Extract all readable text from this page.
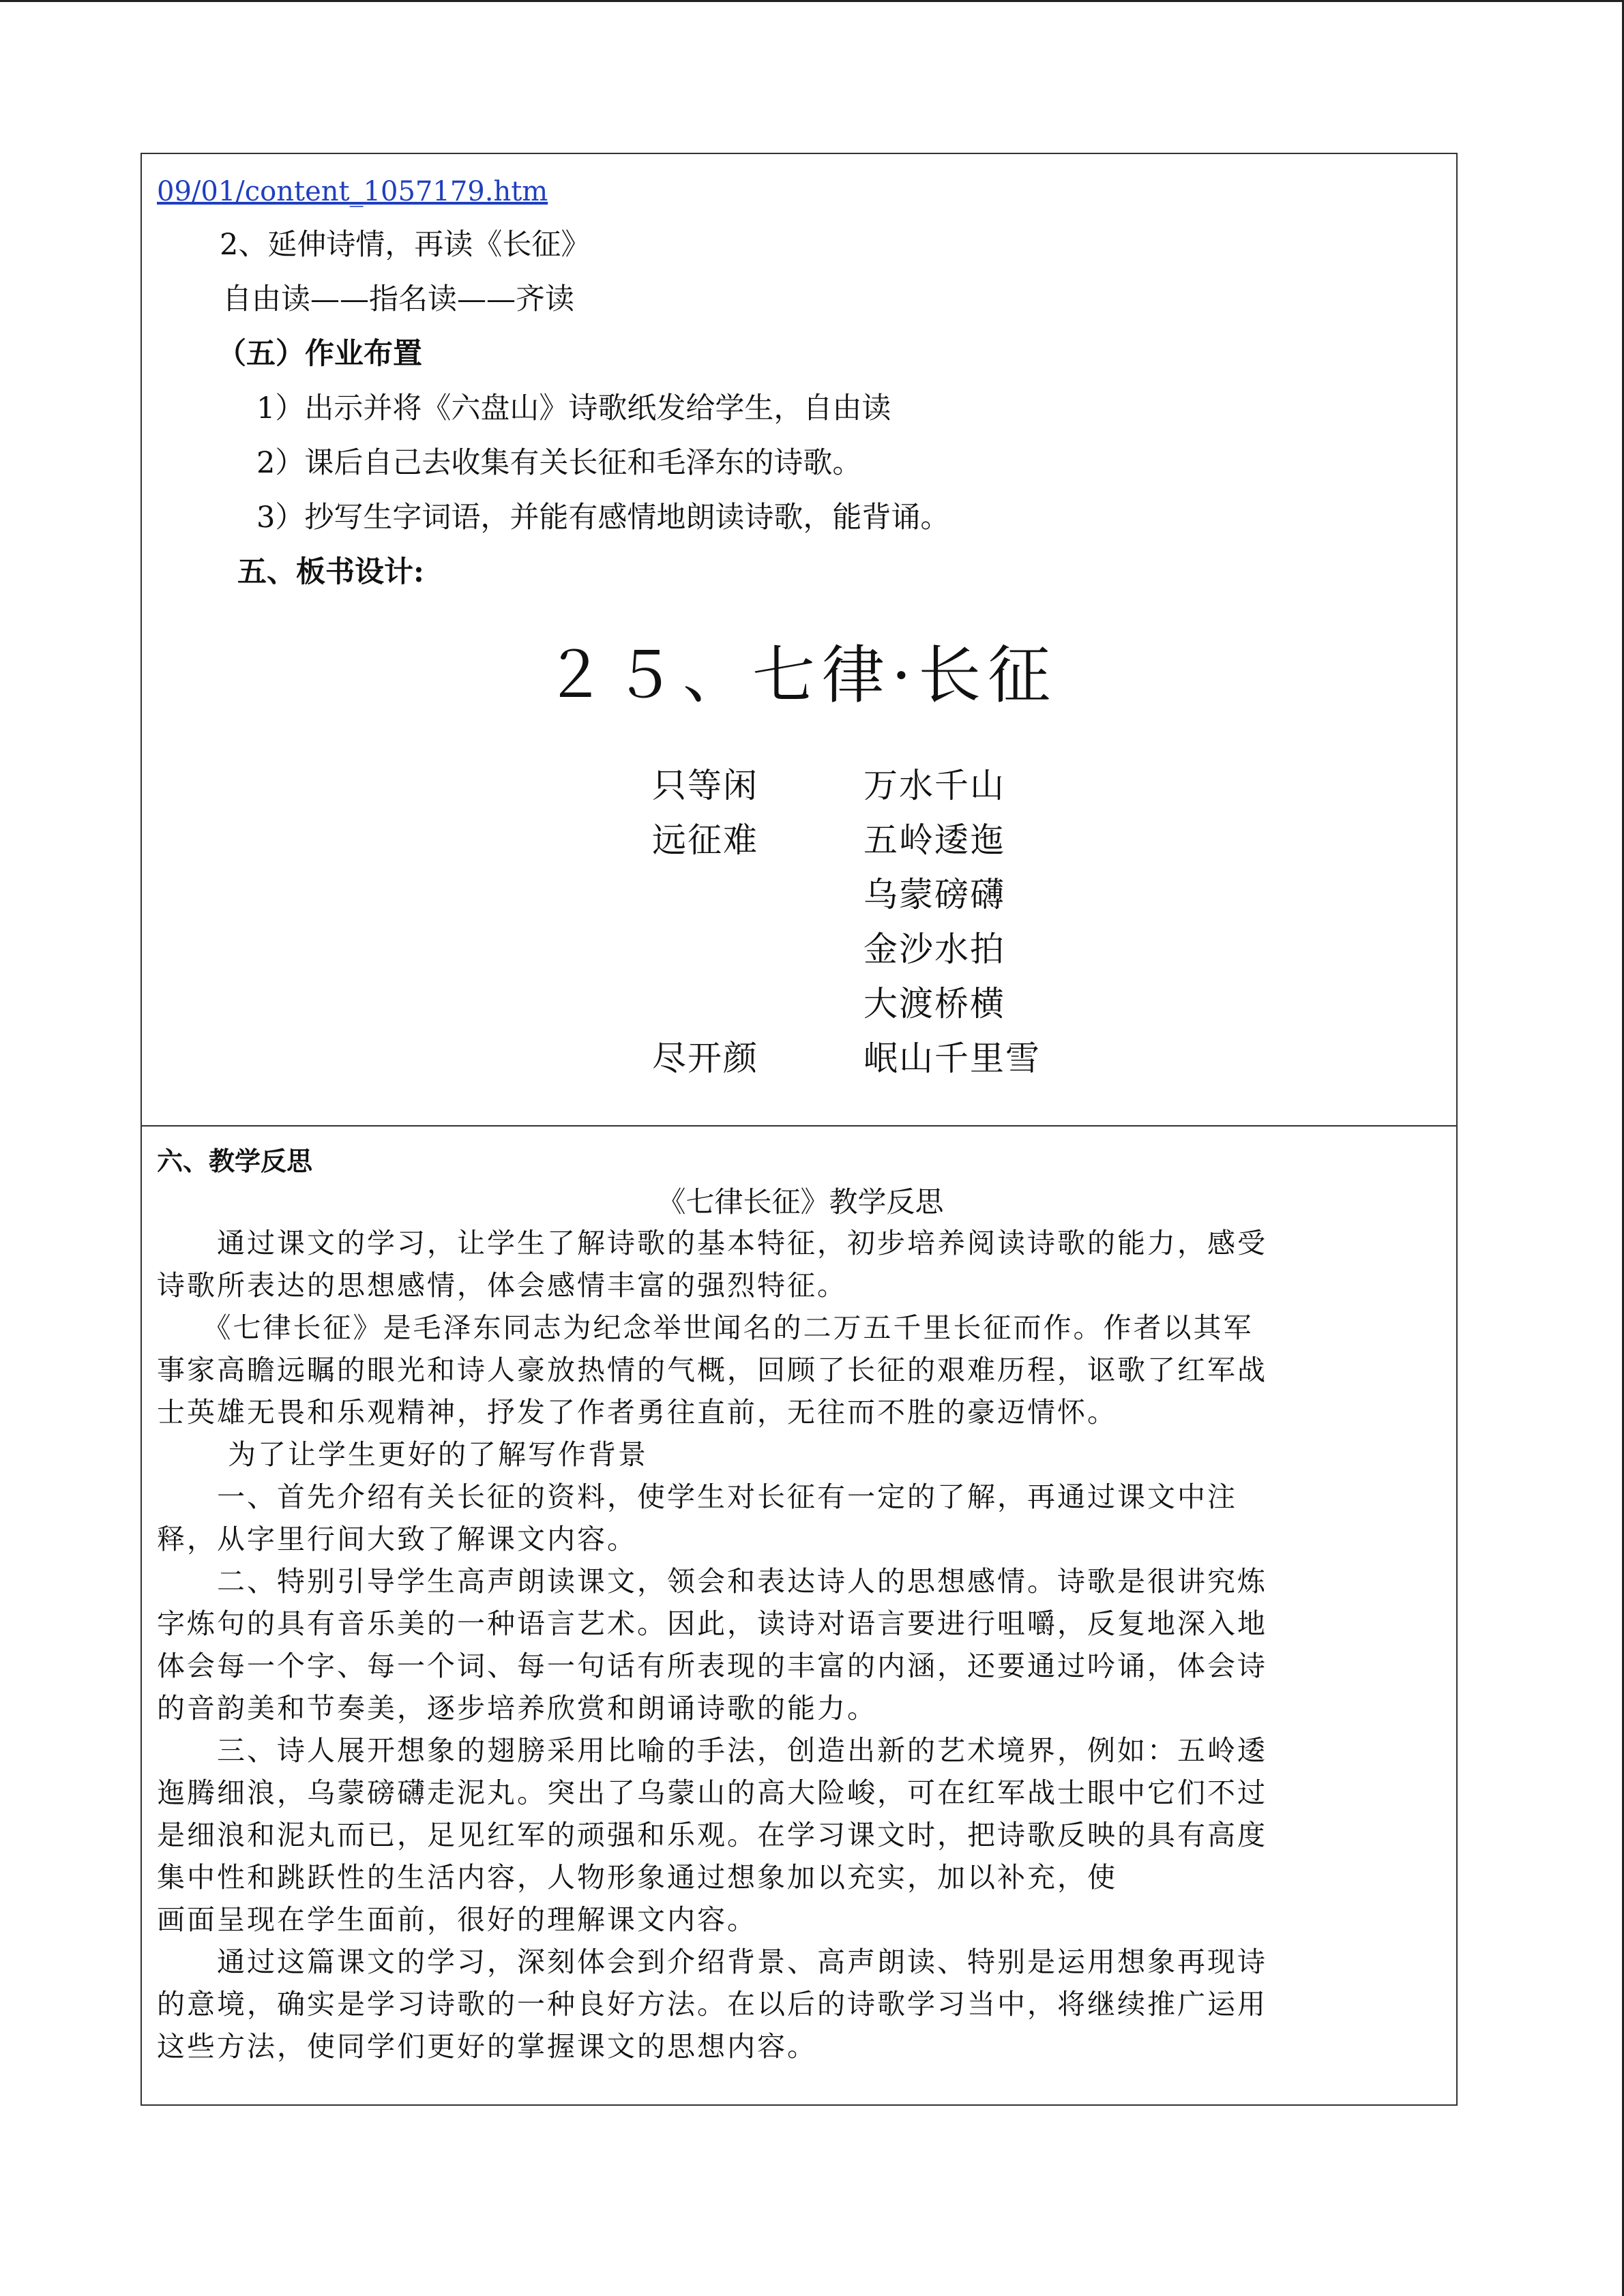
09/01/content_1057179.htm
2、延伸诗情，再读《长征》
自由读——指名读——齐读
（五）作业布置
1）出示并将《六盘山》诗歌纸发给学生，自由读
2）课后自己去收集有关长征和毛泽东的诗歌。
3）抄写生字词语，并能有感情地朗读诗歌，能背诵。
五、板书设计:
２５、七律·长征
只等闲
远征难

尽开颜
万水千山
五岭逶迤
乌蒙磅礴
金沙水拍
大渡桥横
岷山千里雪
六、教学反思
《七律长征》教学反思
　　通过课文的学习，让学生了解诗歌的基本特征，初步培养阅读诗歌的能力，感受
诗歌所表达的思想感情，体会感情丰富的强烈特征。
　　《七律长征》是毛泽东同志为纪念举世闻名的二万五千里长征而作。作者以其军
事家高瞻远瞩的眼光和诗人豪放热情的气概，回顾了长征的艰难历程，讴歌了红军战
士英雄无畏和乐观精神，抒发了作者勇往直前，无往而不胜的豪迈情怀。
　　 为了让学生更好的了解写作背景
　　一、首先介绍有关长征的资料，使学生对长征有一定的了解，再通过课文中注
释，从字里行间大致了解课文内容。
　　二、特别引导学生高声朗读课文，领会和表达诗人的思想感情。诗歌是很讲究炼
字炼句的具有音乐美的一种语言艺术。因此，读诗对语言要进行咀嚼，反复地深入地
体会每一个字、每一个词、每一句话有所表现的丰富的内涵，还要通过吟诵，体会诗
的音韵美和节奏美，逐步培养欣赏和朗诵诗歌的能力。
　　三、诗人展开想象的翅膀采用比喻的手法，创造出新的艺术境界，例如：五岭逶
迤腾细浪，乌蒙磅礴走泥丸。突出了乌蒙山的高大险峻，可在红军战士眼中它们不过
是细浪和泥丸而已，足见红军的顽强和乐观。在学习课文时，把诗歌反映的具有高度
集中性和跳跃性的生活内容，人物形象通过想象加以充实，加以补充，使
画面呈现在学生面前，很好的理解课文内容。
　　通过这篇课文的学习，深刻体会到介绍背景、高声朗读、特别是运用想象再现诗
的意境，确实是学习诗歌的一种良好方法。在以后的诗歌学习当中，将继续推广运用
这些方法，使同学们更好的掌握课文的思想内容。
